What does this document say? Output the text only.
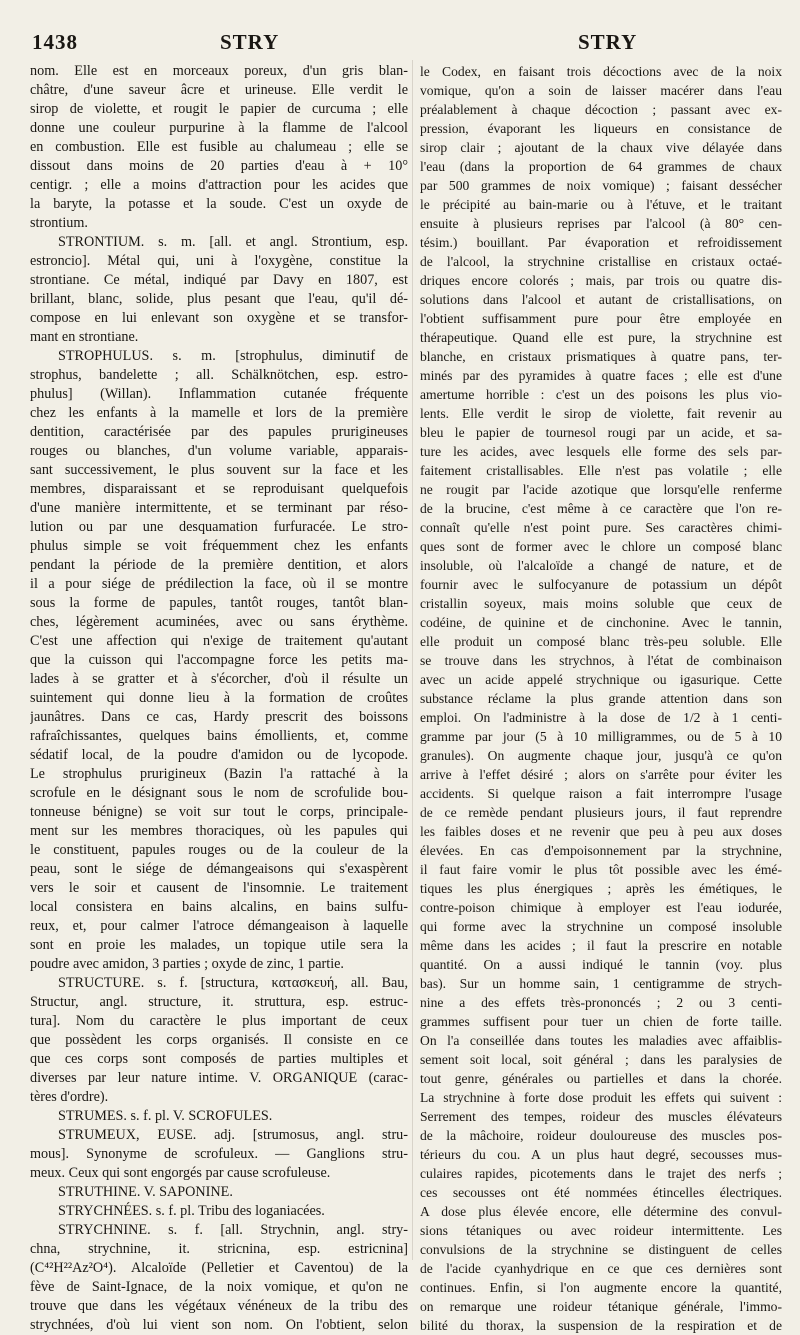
1438	STRY	STRY
nom. Elle est en morceaux poreux, d'un gris blan-
châtre, d'une saveur âcre et urineuse. Elle verdit le
sirop de violette, et rougit le papier de curcuma ; elle
donne une couleur purpurine à la flamme de l'alcool
en combustion. Elle est fusible au chalumeau ; elle se
dissout dans moins de 20 parties d'eau à + 10°
centigr. ; elle a moins d'attraction pour les acides que
la baryte, la potasse et la soude. C'est un oxyde de
strontium.
STRONTIUM. s. m. [all. et angl. Strontium, esp.
estroncio]. Métal qui, uni à l'oxygène, constitue la
strontiane. Ce métal, indiqué par Davy en 1807, est
brillant, blanc, solide, plus pesant que l'eau, qu'il dé-
compose en lui enlevant son oxygène et se transfor-
mant en strontiane.
STROPHULUS. s. m. [strophulus, diminutif de
strophus, bandelette ; all. Schälknötchen, esp. estro-
phulus] (Willan). Inflammation cutanée fréquente
chez les enfants à la mamelle et lors de la première
dentition, caractérisée par des papules prurigineuses
rouges ou blanches, d'un volume variable, apparais-
sant successivement, le plus souvent sur la face et les
membres, disparaissant et se reproduisant quelquefois
d'une manière intermittente, et se terminant par réso-
lution ou par une desquamation furfuracée. Le stro-
phulus simple se voit fréquemment chez les enfants
pendant la période de la première dentition, et alors
il a pour siége de prédilection la face, où il se montre
sous la forme de papules, tantôt rouges, tantôt blan-
ches, légèrement acuminées, avec ou sans érythème.
C'est une affection qui n'exige de traitement qu'autant
que la cuisson qui l'accompagne force les petits ma-
lades à se gratter et à s'écorcher, d'où il résulte un
suintement qui donne lieu à la formation de croûtes
jaunâtres. Dans ce cas, Hardy prescrit des boissons
rafraîchissantes, quelques bains émollients, et, comme
sédatif local, de la poudre d'amidon ou de lycopode.
Le strophulus prurigineux (Bazin l'a rattaché à la
scrofule en le désignant sous le nom de scrofulide bou-
tonneuse bénigne) se voit sur tout le corps, principale-
ment sur les membres thoraciques, où les papules qui
le constituent, papules rouges ou de la couleur de la
peau, sont le siége de démangeaisons qui s'exaspèrent
vers le soir et causent de l'insomnie. Le traitement
local consistera en bains alcalins, en bains sulfu-
reux, et, pour calmer l'atroce démangeaison à laquelle
sont en proie les malades, un topique utile sera la
poudre avec amidon, 3 parties ; oxyde de zinc, 1 partie.
STRUCTURE. s. f. [structura, κατασκευή, all. Bau,
Structur, angl. structure, it. struttura, esp. estruc-
tura]. Nom du caractère le plus important de ceux
que possèdent les corps organisés. Il consiste en ce
que ces corps sont composés de parties multiples et
diverses par leur nature intime. V. ORGANIQUE (carac-
tères d'ordre).
STRUMES. s. f. pl. V. SCROFULES.
STRUMEUX, EUSE. adj. [strumosus, angl. stru-
mous]. Synonyme de scrofuleux. — Ganglions stru-
meux. Ceux qui sont engorgés par cause scrofuleuse.
STRUTHINE. V. SAPONINE.
STRYCHNÉES. s. f. pl. Tribu des loganiacées.
STRYCHNINE. s. f. [all. Strychnin, angl. stry-
chna, strychnine, it. stricnina, esp. estricnina]
(C⁴²H²²Az²O⁴). Alcaloïde (Pelletier et Caventou) de la
fève de Saint-Ignace, de la noix vomique, et qu'on ne
trouve que dans les végétaux vénéneux de la tribu des
strychnées, d'où lui vient son nom. On l'obtient, selon
le Codex, en faisant trois décoctions avec de la noix
vomique, qu'on a soin de laisser macérer dans l'eau
préalablement à chaque décoction ; passant avec ex-
pression, évaporant les liqueurs en consistance de
sirop clair ; ajoutant de la chaux vive délayée dans
l'eau (dans la proportion de 64 grammes de chaux
par 500 grammes de noix vomique) ; faisant dessécher
le précipité au bain-marie ou à l'étuve, et le traitant
ensuite à plusieurs reprises par l'alcool (à 80° cen-
tésim.) bouillant. Par évaporation et refroidissement
de l'alcool, la strychnine cristallise en cristaux octaé-
driques encore colorés ; mais, par trois ou quatre dis-
solutions dans l'alcool et autant de cristallisations, on
l'obtient suffisamment pure pour être employée en
thérapeutique. Quand elle est pure, la strychnine est
blanche, en cristaux prismatiques à quatre pans, ter-
minés par des pyramides à quatre faces ; elle est d'une
amertume horrible : c'est un des poisons les plus vio-
lents. Elle verdit le sirop de violette, fait revenir au
bleu le papier de tournesol rougi par un acide, et sa-
ture les acides, avec lesquels elle forme des sels par-
faitement cristallisables. Elle n'est pas volatile ; elle
ne rougit par l'acide azotique que lorsqu'elle renferme
de la brucine, c'est même à ce caractère que l'on re-
connaît qu'elle n'est point pure. Ses caractères chimi-
ques sont de former avec le chlore un composé blanc
insoluble, où l'alcaloïde a changé de nature, et de
fournir avec le sulfocyanure de potassium un dépôt
cristallin soyeux, mais moins soluble que ceux de
codéine, de quinine et de cinchonine. Avec le tannin,
elle produit un composé blanc très-peu soluble. Elle
se trouve dans les strychnos, à l'état de combinaison
avec un acide appelé strychnique ou igasurique. Cette
substance réclame la plus grande attention dans son
emploi. On l'administre à la dose de 1/2 à 1 centi-
gramme par jour (5 à 10 milligrammes, ou de 5 à 10
granules). On augmente chaque jour, jusqu'à ce qu'on
arrive à l'effet désiré ; alors on s'arrête pour éviter les
accidents. Si quelque raison a fait interrompre l'usage
de ce remède pendant plusieurs jours, il faut reprendre
les faibles doses et ne revenir que peu à peu aux doses
élevées. En cas d'empoisonnement par la strychnine,
il faut faire vomir le plus tôt possible avec les émé-
tiques les plus énergiques ; après les émétiques, le
contre-poison chimique à employer est l'eau iodurée,
qui forme avec la strychnine un composé insoluble
même dans les acides ; il faut la prescrire en notable
quantité. On a aussi indiqué le tannin (voy. plus
bas). Sur un homme sain, 1 centigramme de strych-
nine a des effets très-prononcés ; 2 ou 3 centi-
grammes suffisent pour tuer un chien de forte taille.
On l'a conseillée dans toutes les maladies avec affaiblis-
sement soit local, soit général ; dans les paralysies de
tout genre, générales ou partielles et dans la chorée.
La strychnine à forte dose produit les effets qui suivent :
Serrement des tempes, roideur des muscles élévateurs
de la mâchoire, roideur douloureuse des muscles pos-
térieurs du cou. A un plus haut degré, secousses mus-
culaires rapides, picotements dans le trajet des nerfs ;
ces secousses ont été nommées étincelles électriques.
A dose plus élevée encore, elle détermine des convul-
sions tétaniques ou avec roideur intermittente. Les
convulsions de la strychnine se distinguent de celles
de l'acide cyanhydrique en ce que ces dernières sont
continues. Enfin, si l'on augmente encore la quantité,
on remarque une roideur tétanique générale, l'immo-
bilité du thorax, la suspension de la respiration et de
